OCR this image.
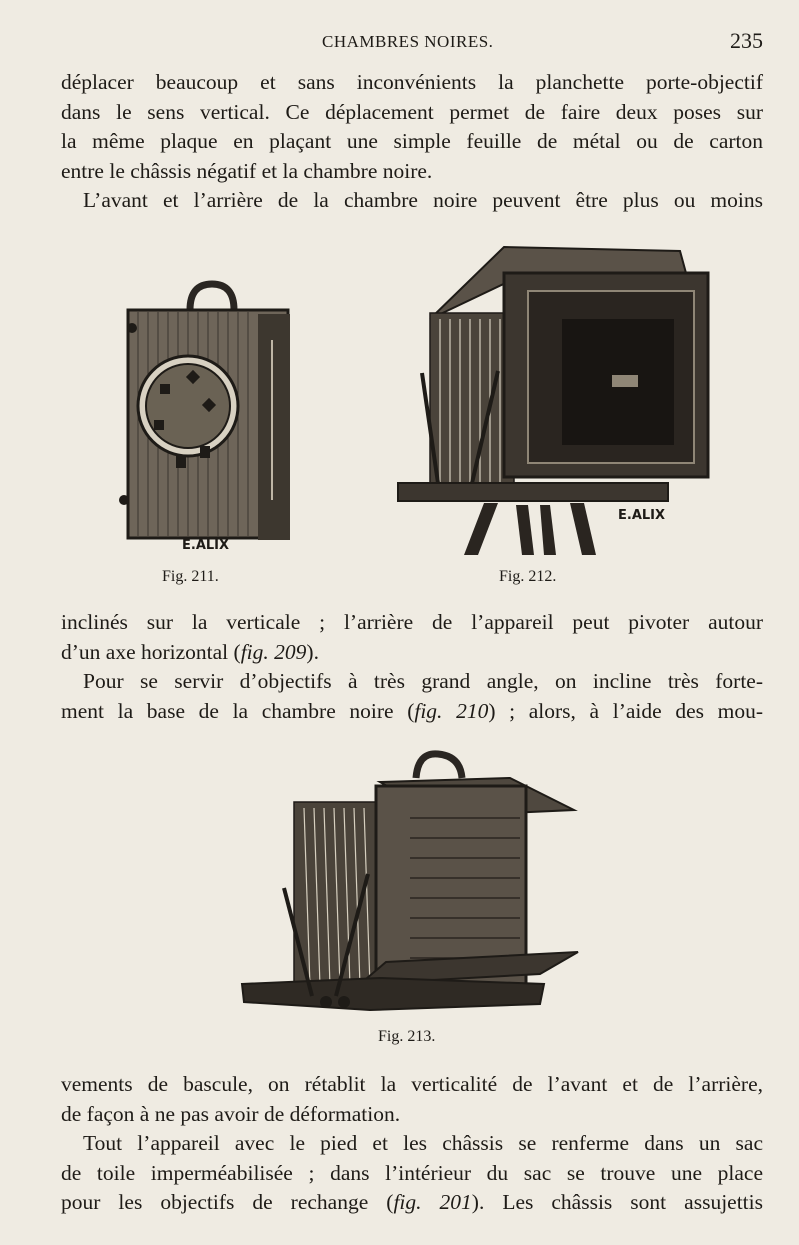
CHAMBRES NOIRES.	235
déplacer beaucoup et sans inconvénients la planchette porte-objectif
dans le sens vertical. Ce déplacement permet de faire deux poses sur
la même plaque en plaçant une simple feuille de métal ou de carton
entre le châssis négatif et la chambre noire.
L’avant et l’arrière de la chambre noire peuvent être plus ou moins
E.ALIX
Fig. 211.
E.ALIX
Fig. 212.
inclinés sur la verticale ; l’arrière de l’appareil peut pivoter autour
d’un axe horizontal (fig. 209).
Pour se servir d’objectifs à très grand angle, on incline très forte-
ment la base de la chambre noire (fig. 210) ; alors, à l’aide des mou-
Fig. 213.
vements de bascule, on rétablit la verticalité de l’avant et de l’arrière,
de façon à ne pas avoir de déformation.
Tout l’appareil avec le pied et les châssis se renferme dans un sac
de toile imperméabilisée ; dans l’intérieur du sac se trouve une place
pour les objectifs de rechange (fig. 201). Les châssis sont assujettis
